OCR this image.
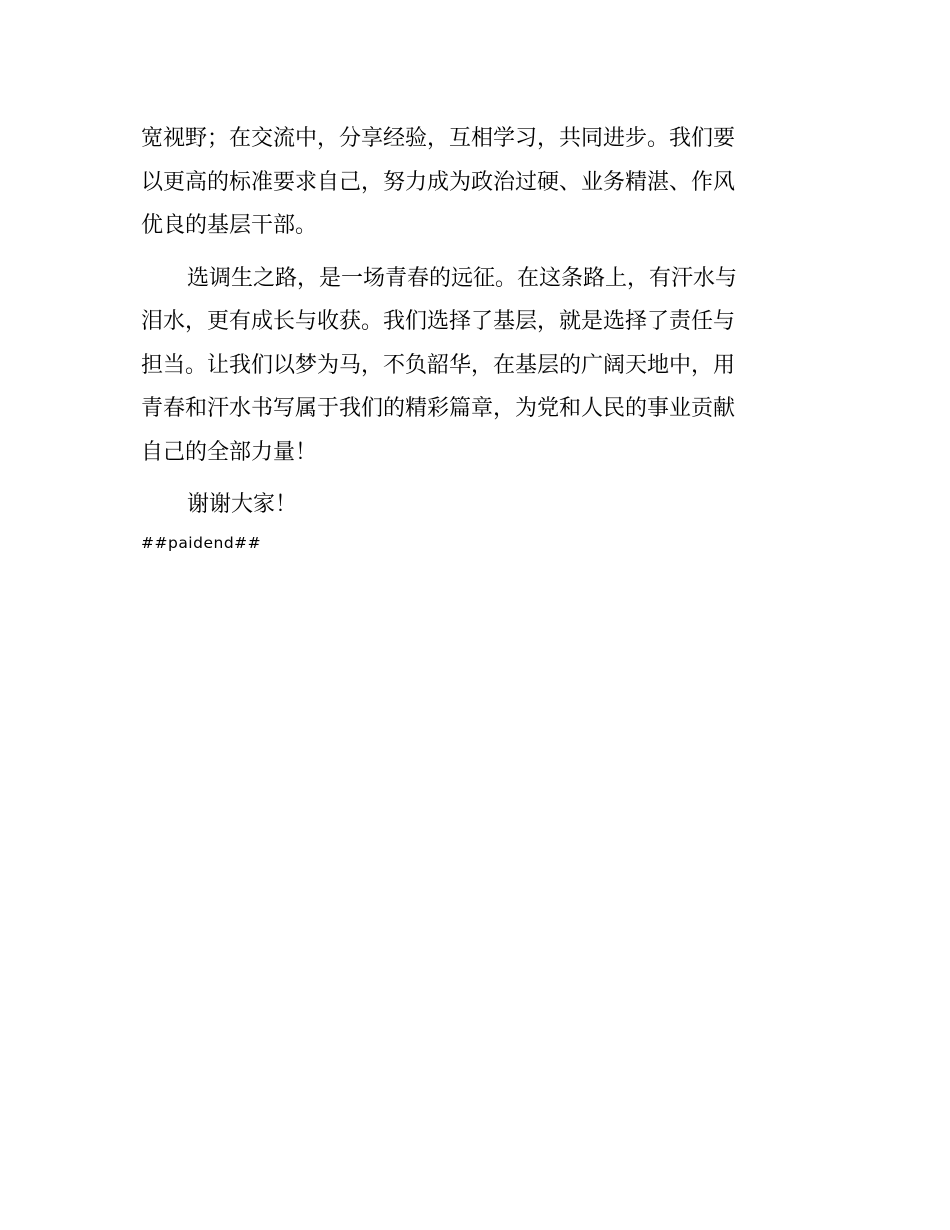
宽视野；在交流中，分享经验，互相学习，共同进步。我们要
以更高的标准要求自己，努力成为政治过硬、业务精湛、作风
优良的基层干部。

选调生之路，是一场青春的远征。在这条路上，有汗水与
泪水，更有成长与收获。我们选择了基层，就是选择了责任与
担当。让我们以梦为马，不负韶华，在基层的广阔天地中，用
青春和汗水书写属于我们的精彩篇章，为党和人民的事业贡献
自己的全部力量！

谢谢大家！

##paidend##
